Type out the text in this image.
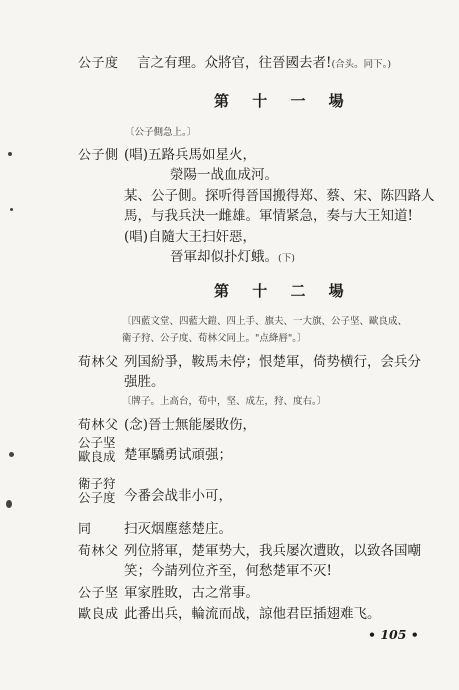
公子度 言之有理。众將官，往晉國去者!(合头。同下。)
第 十 一 場
〔公子側急上。〕
公子側 (唱)五路兵馬如星火，
滎陽一战血成河。
某、公子側。探听得晉国搬得郑、蔡、宋、陈四路人
馬，与我兵決一雌雄。軍情紧急，奏与大王知道!
(唱)自隨大王扫奸惡，
晉軍却似扑灯蛾。(下)
第 十 二 場
〔四藍文堂、四藍大鎧、四上手、旗夫、一大旗、公子坚、歐良成、
衛子狩、公子度、荀林父同上。"点絳唇"。〕
荀林父 列国紛爭，鞍馬未停；恨楚軍，倚势横行，会兵分
强胜。
〔牌子。上高台，荀中，坚、成左，狩、度右。〕
荀林父 (念)晉士無能屡敗伤，
公子坚
歐良成 楚軍驕勇试頑强；
衛子狩
公子度 今番会战非小可，
同 扫灭烟塵慈楚庄。
荀林父 列位將軍，楚軍势大，我兵屡次遭敗，以致各国嘲
笑；今請列位齐至，何愁楚軍不灭!
公子坚 軍家胜敗，古之常事。
歐良成 此番出兵，輪流而战，諒他君臣插翅难飞。
• 105 •
